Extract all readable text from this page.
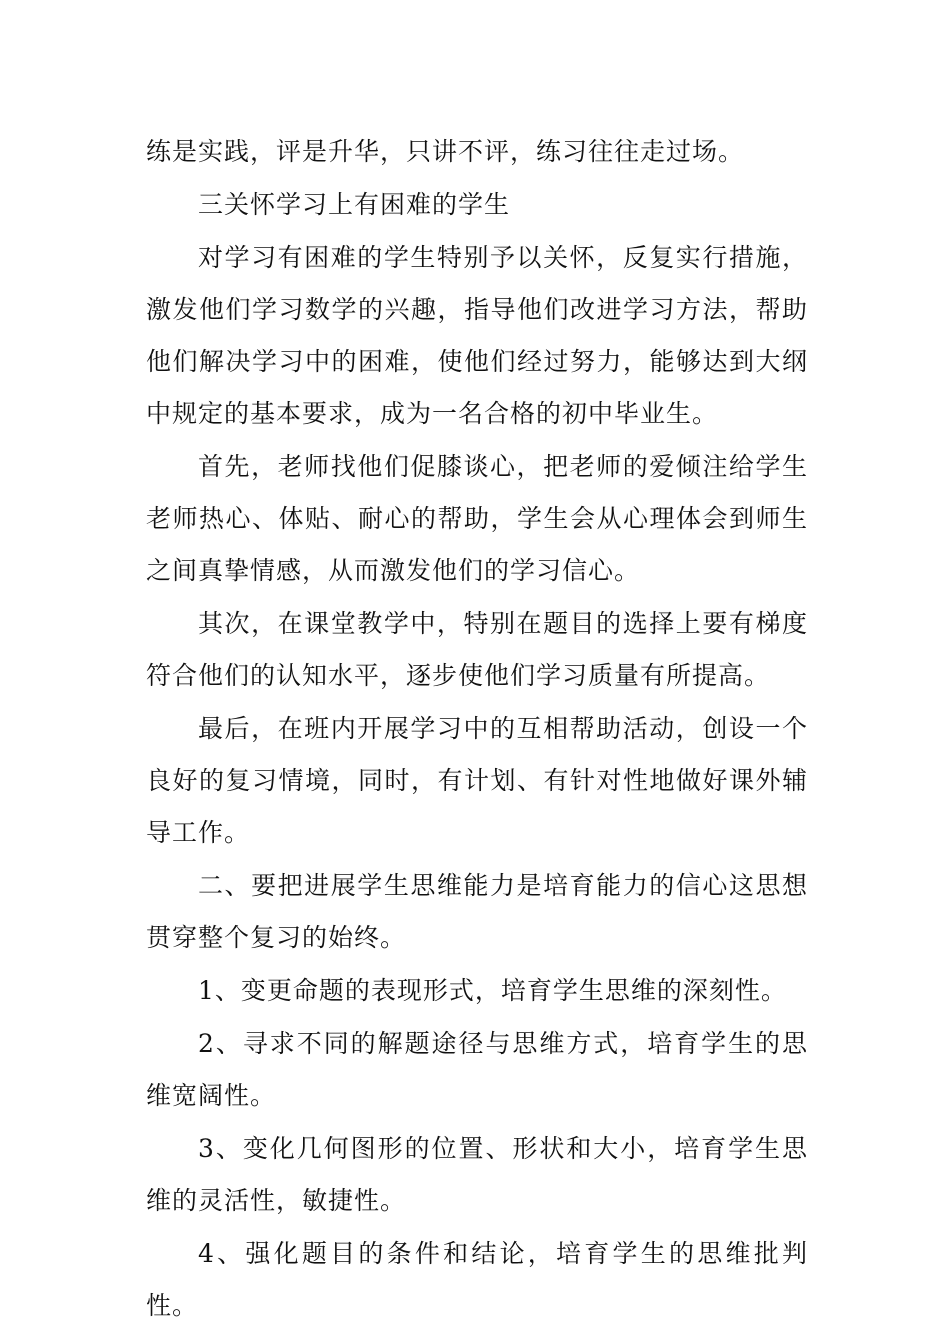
练是实践，评是升华，只讲不评，练习往往走过场。

三关怀学习上有困难的学生

对学习有困难的学生特别予以关怀，反复实行措施，激发他们学习数学的兴趣，指导他们改进学习方法，帮助他们解决学习中的困难，使他们经过努力，能够达到大纲中规定的基本要求，成为一名合格的初中毕业生。

首先，老师找他们促膝谈心，把老师的爱倾注给学生老师热心、体贴、耐心的帮助，学生会从心理体会到师生之间真挚情感，从而激发他们的学习信心。

其次，在课堂教学中，特别在题目的选择上要有梯度符合他们的认知水平，逐步使他们学习质量有所提高。

最后，在班内开展学习中的互相帮助活动，创设一个良好的复习情境，同时，有计划、有针对性地做好课外辅导工作。

二、要把进展学生思维能力是培育能力的信心这思想贯穿整个复习的始终。

1、变更命题的表现形式，培育学生思维的深刻性。

2、寻求不同的解题途径与思维方式，培育学生的思维宽阔性。

3、变化几何图形的位置、形状和大小，培育学生思维的灵活性，敏捷性。

4、强化题目的条件和结论，培育学生的思维批判性。
